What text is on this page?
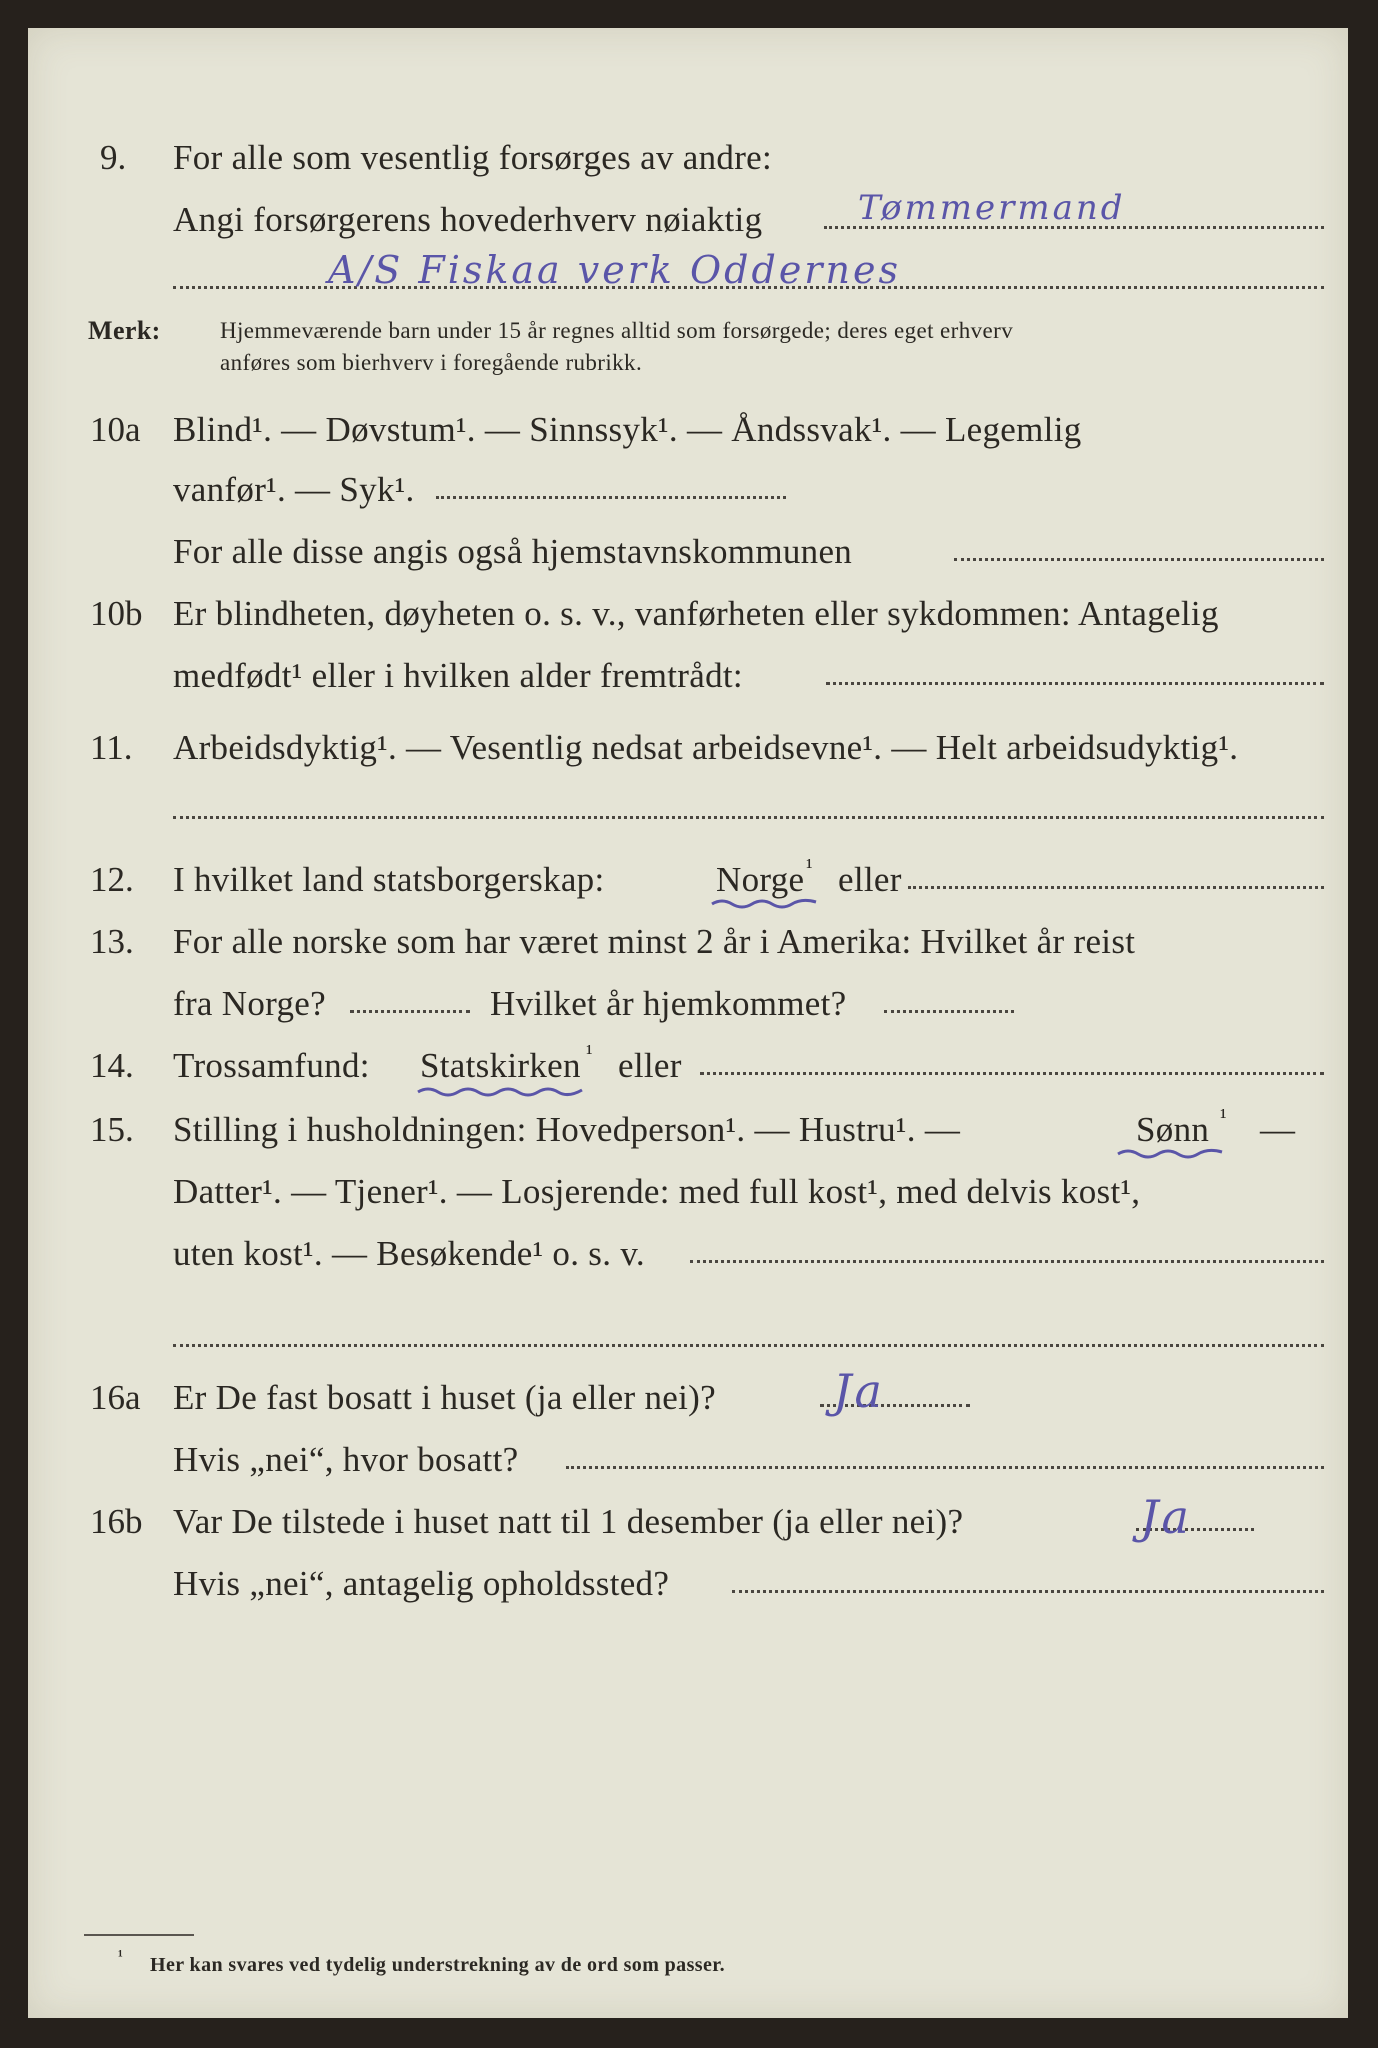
9. For alle som vesentlig forsørges av andre:
Angi forsørgerens hovederhverv nøiaktig	Tømmermand
A/S Fiskaa verk Oddernes
Merk:	Hjemmeværende barn under 15 år regnes alltid som forsørgede; deres eget erhverv
anføres som bierhverv i foregående rubrikk.
10a Blind¹. — Døvstum¹. — Sinnssyk¹. — Åndssvak¹. — Legemlig
vanfør¹. — Syk¹.
For alle disse angis også hjemstavnskommunen
10b Er blindheten, døyheten o. s. v., vanførheten eller sykdommen: Antagelig
medfødt¹ eller i hvilken alder fremtrådt:
11. Arbeidsdyktig¹. — Vesentlig nedsat arbeidsevne¹. — Helt arbeidsudyktig¹.
12. I hvilket land statsborgerskap:	Norge ¹ eller
13. For alle norske som har været minst 2 år i Amerika: Hvilket år reist
fra Norge?	Hvilket år hjemkommet?
14. Trossamfund: Statskirken ¹ eller
15. Stilling i husholdningen: Hovedperson¹. — Hustru¹. —	Sønn ¹ —
Datter¹. — Tjener¹. — Losjerende: med full kost¹, med delvis kost¹,
uten kost¹. — Besøkende¹ o. s. v.
16a Er De fast bosatt i huset (ja eller nei)?	Ja
Hvis „nei“, hvor bosatt?
16b Var De tilstede i huset natt til 1 desember (ja eller nei)?	Ja
Hvis „nei“, antagelig opholdssted?
¹ Her kan svares ved tydelig understrekning av de ord som passer.
